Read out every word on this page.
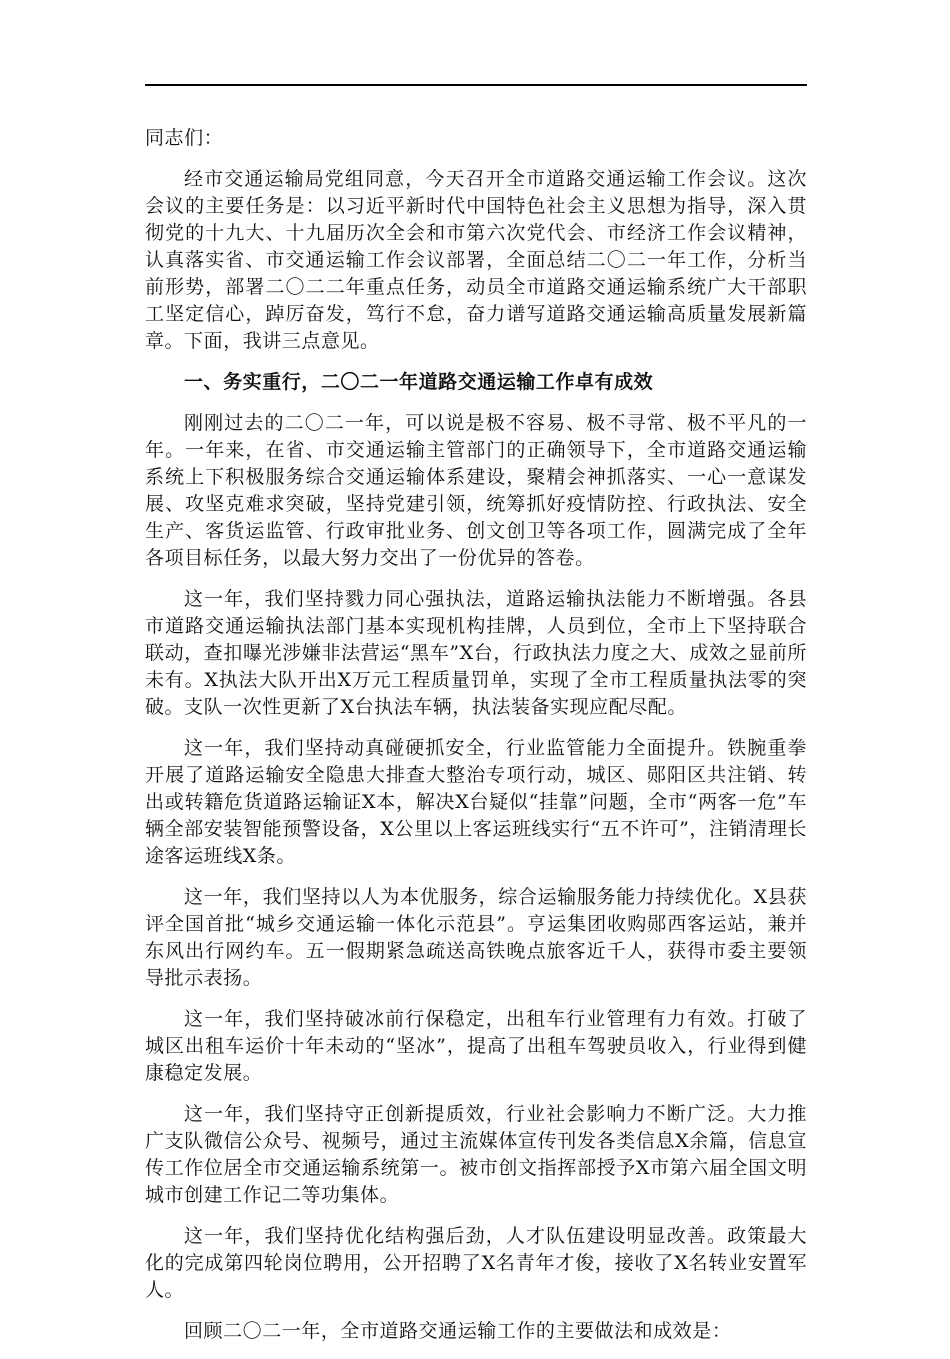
同志们：

经市交通运输局党组同意，今天召开全市道路交通运输工作会议。这次会议的主要任务是：以习近平新时代中国特色社会主义思想为指导，深入贯彻党的十九大、十九届历次全会和市第六次党代会、市经济工作会议精神，认真落实省、市交通运输工作会议部署，全面总结二〇二一年工作，分析当前形势，部署二〇二二年重点任务，动员全市道路交通运输系统广大干部职工坚定信心，踔厉奋发，笃行不怠，奋力谱写道路交通运输高质量发展新篇章。下面，我讲三点意见。

一、务实重行，二〇二一年道路交通运输工作卓有成效

刚刚过去的二〇二一年，可以说是极不容易、极不寻常、极不平凡的一年。一年来，在省、市交通运输主管部门的正确领导下，全市道路交通运输系统上下积极服务综合交通运输体系建设，聚精会神抓落实、一心一意谋发展、攻坚克难求突破，坚持党建引领，统筹抓好疫情防控、行政执法、安全生产、客货运监管、行政审批业务、创文创卫等各项工作，圆满完成了全年各项目标任务，以最大努力交出了一份优异的答卷。

这一年，我们坚持戮力同心强执法，道路运输执法能力不断增强。各县市道路交通运输执法部门基本实现机构挂牌，人员到位，全市上下坚持联合联动，查扣曝光涉嫌非法营运“黑车”X台，行政执法力度之大、成效之显前所未有。X执法大队开出X万元工程质量罚单，实现了全市工程质量执法零的突破。支队一次性更新了X台执法车辆，执法装备实现应配尽配。

这一年，我们坚持动真碰硬抓安全，行业监管能力全面提升。铁腕重拳开展了道路运输安全隐患大排查大整治专项行动，城区、郧阳区共注销、转出或转籍危货道路运输证X本，解决X台疑似“挂靠”问题，全市“两客一危”车辆全部安装智能预警设备，X公里以上客运班线实行“五不许可”，注销清理长途客运班线X条。

这一年，我们坚持以人为本优服务，综合运输服务能力持续优化。X县获评全国首批“城乡交通运输一体化示范县”。亨运集团收购郧西客运站，兼并东风出行网约车。五一假期紧急疏送高铁晚点旅客近千人，获得市委主要领导批示表扬。

这一年，我们坚持破冰前行保稳定，出租车行业管理有力有效。打破了城区出租车运价十年未动的“坚冰”，提高了出租车驾驶员收入，行业得到健康稳定发展。

这一年，我们坚持守正创新提质效，行业社会影响力不断广泛。大力推广支队微信公众号、视频号，通过主流媒体宣传刊发各类信息X余篇，信息宣传工作位居全市交通运输系统第一。被市创文指挥部授予X市第六届全国文明城市创建工作记二等功集体。

这一年，我们坚持优化结构强后劲，人才队伍建设明显改善。政策最大化的完成第四轮岗位聘用，公开招聘了X名青年才俊，接收了X名转业安置军人。

回顾二〇二一年，全市道路交通运输工作的主要做法和成效是：
